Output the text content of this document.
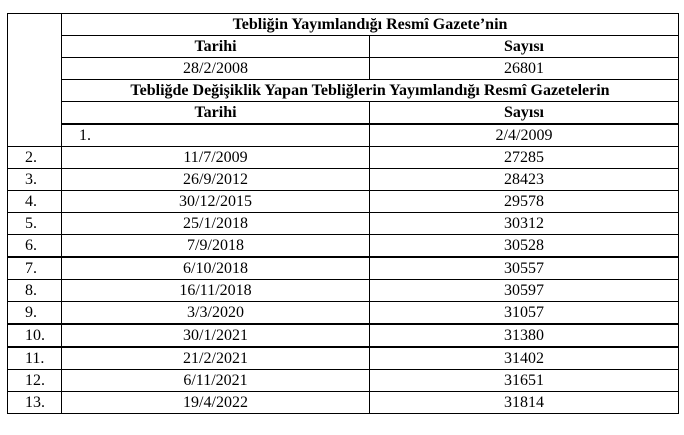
	Tebliğin Yayımlandığı Resmî Gazete’nin		
	Tarihi	Sayısı	
	28/2/2008	26801	
	Tebliğde Değişiklik Yapan Tebliğlerin Yayımlandığı Resmî Gazetelerin		
	Tarihi	Sayısı	
	1.	2/4/2009	
2.	11/7/2009	27285	
3.	26/9/2012	28423	
4.	30/12/2015	29578	
5.	25/1/2018	30312	
6.	7/9/2018	30528	
7.	6/10/2018	30557	
8.	16/11/2018	30597	
9.	3/3/2020	31057	
10.	30/1/2021	31380	
11.	21/2/2021	31402	
12.	6/11/2021	31651	
13.	19/4/2022	31814	
